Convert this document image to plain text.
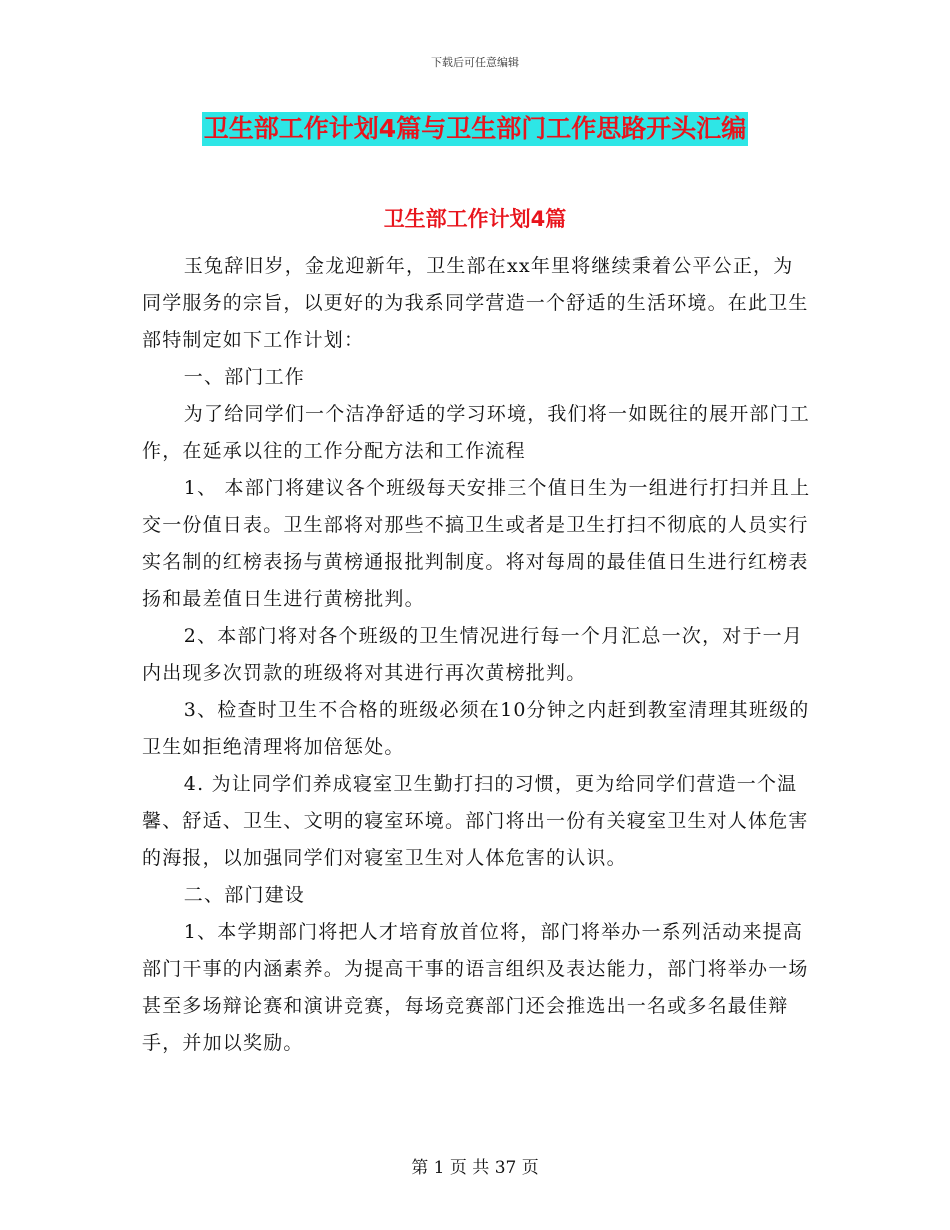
下载后可任意编辑
卫生部工作计划4篇与卫生部门工作思路开头汇编
卫生部工作计划4篇

玉兔辞旧岁，金龙迎新年，卫生部在xx年里将继续秉着公平公正，为同学服务的宗旨，以更好的为我系同学营造一个舒适的生活环境。在此卫生部特制定如下工作计划：

一、部门工作

为了给同学们一个洁净舒适的学习环境，我们将一如既往的展开部门工作，在延承以往的工作分配方法和工作流程

1、 本部门将建议各个班级每天安排三个值日生为一组进行打扫并且上交一份值日表。卫生部将对那些不搞卫生或者是卫生打扫不彻底的人员实行实名制的红榜表扬与黄榜通报批判制度。将对每周的最佳值日生进行红榜表扬和最差值日生进行黄榜批判。

2、本部门将对各个班级的卫生情况进行每一个月汇总一次，对于一月内出现多次罚款的班级将对其进行再次黄榜批判。

3、检查时卫生不合格的班级必须在10分钟之内赶到教室清理其班级的卫生如拒绝清理将加倍惩处。

4. 为让同学们养成寝室卫生勤打扫的习惯，更为给同学们营造一个温馨、舒适、卫生、文明的寝室环境。部门将出一份有关寝室卫生对人体危害的海报，以加强同学们对寝室卫生对人体危害的认识。

二、部门建设

1、本学期部门将把人才培育放首位将，部门将举办一系列活动来提高部门干事的内涵素养。为提高干事的语言组织及表达能力，部门将举办一场甚至多场辩论赛和演讲竞赛，每场竞赛部门还会推选出一名或多名最佳辩手，并加以奖励。

第 1 页 共 37 页
